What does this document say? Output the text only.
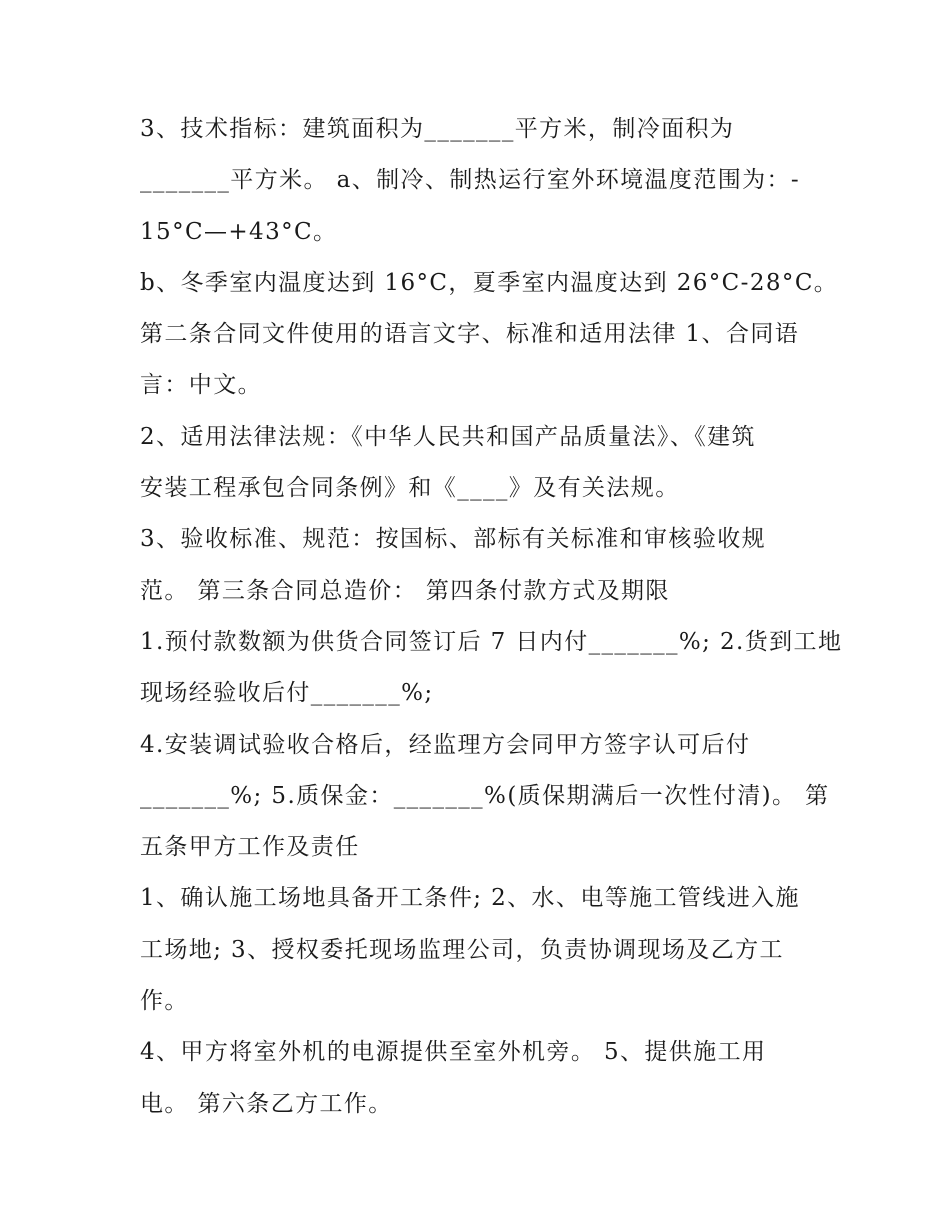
3、技术指标：建筑面积为_______平方米，制冷面积为
_______平方米。 a、制冷、制热运行室外环境温度范围为：-
15°C—+43°C。
b、冬季室内温度达到 16°C，夏季室内温度达到 26°C-28°C。
第二条合同文件使用的语言文字、标准和适用法律 1、合同语
言：中文。
2、适用法律法规：《中华人民共和国产品质量法》、《建筑
安装工程承包合同条例》和《____》及有关法规。
3、验收标准、规范：按国标、部标有关标准和审核验收规
范。 第三条合同总造价： 第四条付款方式及期限
1.预付款数额为供货合同签订后 7 日内付_______%; 2.货到工地
现场经验收后付_______%;
4.安装调试验收合格后，经监理方会同甲方签字认可后付
_______%; 5.质保金：_______%(质保期满后一次性付清)。 第
五条甲方工作及责任
1、确认施工场地具备开工条件; 2、水、电等施工管线进入施
工场地; 3、授权委托现场监理公司，负责协调现场及乙方工
作。
4、甲方将室外机的电源提供至室外机旁。 5、提供施工用
电。 第六条乙方工作。
